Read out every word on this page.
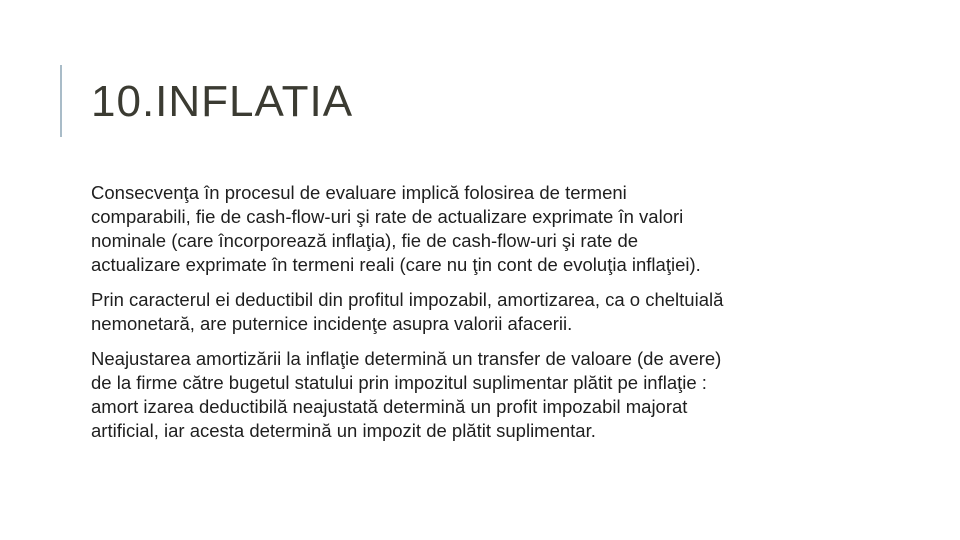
10.INFLATIA

Consecvenţa în procesul de evaluare implică folosirea de termeni
comparabili, fie de cash-flow-uri şi rate de actualizare exprimate în valori
nominale (care încorporează inflaţia), fie de cash-flow-uri şi rate de
actualizare exprimate în termeni reali (care nu ţin cont de evoluţia inflaţiei).

Prin caracterul ei deductibil din profitul impozabil, amortizarea, ca o cheltuială
nemonetară, are puternice incidenţe asupra valorii afacerii.

Neajustarea amortizării la inflaţie determină un transfer de valoare (de avere)
de la firme către bugetul statului prin impozitul suplimentar plătit pe inflaţie :
amort izarea deductibilă neajustată determină un profit impozabil majorat
artificial, iar acesta determină un impozit de plătit suplimentar.
